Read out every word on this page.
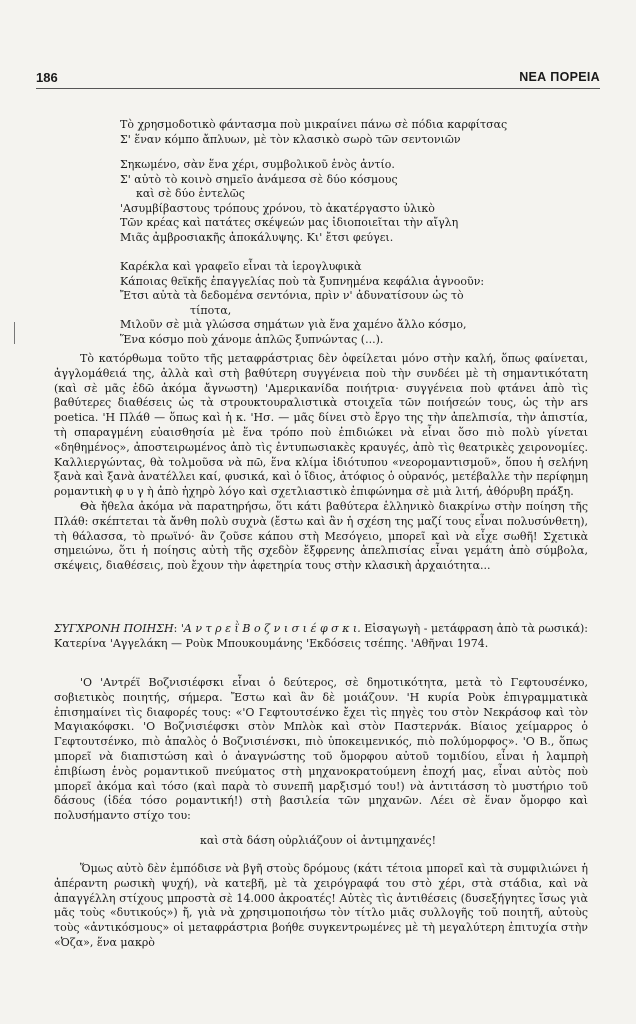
186	ΝΕΑ ΠΟΡΕΙΑ
Τὸ χρησμοδοτικὸ φάντασμα ποὺ μικραίνει πάνω σὲ πόδια καρφίτσας
Σ' ἕναν κόμπο ἄπλυων, μὲ τὸν κλασικὸ σωρὸ τῶν σεντονιῶν
Σηκωμένο, σὰν ἕνα χέρι, συμβολικοῦ ἑνὸς ἀντίο.
Σ' αὐτὸ τὸ κοινὸ σημεῖο ἀνάμεσα σὲ δύο κόσμους
καὶ σὲ δύο ἐντελῶς
'Ασυμβίβαστους τρόπους χρόνου, τὸ ἀκατέργαστο ὑλικὸ
Τῶν κρέας καὶ πατάτες σκέψεών μας ἰδιοποιεῖται τὴν αἴγλη
Μιᾶς ἀμβροσιακῆς ἀποκάλυψης. Κι' ἔτσι φεύγει.
Καρέκλα καὶ γραφεῖο εἶναι τὰ ἱερογλυφικὰ
Κάποιας θεϊκῆς ἐπαγγελίας ποὺ τὰ ξυπνημένα κεφάλια ἀγνοοῦν:
Ἔτσι αὐτὰ τὰ δεδομένα σεντόνια, πρὶν ν' ἀδυνατίσουν ὡς τὸ
τίποτα,
Μιλοῦν σὲ μιὰ γλώσσα σημάτων γιὰ ἕνα χαμένο ἄλλο κόσμο,
Ἕνα κόσμο ποὺ χάνομε ἁπλῶς ξυπνώντας (...).

Τὸ κατόρθωμα τοῦτο τῆς μεταφράστριας δὲν ὀφείλεται μόνο στὴν καλή, ὅπως φαίνεται, ἀγγλομάθειά της, ἀλλὰ καὶ στὴ βαθύτερη συγγένεια ποὺ τὴν συνδέει μὲ τὴ σημαντικότατη (καὶ σὲ μᾶς ἐδῶ ἀκόμα ἄγνωστη) 'Αμερικανίδα ποιήτρια· συγγένεια ποὺ φτάνει ἀπὸ τὶς βαθύτερες διαθέσεις ὡς τὰ στρουκτουραλιστικὰ στοιχεῖα τῶν ποιήσεών τους, ὡς τὴν ars poetica. 'Η Πλάθ — ὅπως καὶ ἡ κ. 'Ησ. — μᾶς δίνει στὸ ἔργο της τὴν ἀπελπισία, τὴν ἀπιστία, τὴ σπαραγμένη εὐαισθησία μὲ ἕνα τρόπο ποὺ ἐπιδιώκει νὰ εἶναι ὅσο πιὸ πολὺ γίνεται «δηθημένος», ἀποστειρωμένος ἀπὸ τὶς ἐντυπωσιακὲς κραυγές, ἀπὸ τὶς θεατρικὲς χειρονομίες. Καλλιεργώντας, θὰ τολμοῦσα νὰ πῶ, ἕνα κλίμα ἰδιότυπου «νεορομαντισμοῦ», ὅπου ἡ σελήνη ξανὰ καὶ ξανὰ ἀνατέλλει καί, φυσικά, καὶ ὁ ἴδιος, ἀτόφιος ὁ οὐρανός, μετέβαλλε τὴν περίφημη ρομαντικὴ φ υ γ ὴ ἀπὸ ἠχηρὸ λόγο καὶ σχετλιαστικὸ ἐπιφώνημα σὲ μιὰ λιτή, ἀθόρυβη πράξη.

Θὰ ἤθελα ἀκόμα νὰ παρατηρήσω, ὅτι κάτι βαθύτερα ἑλληνικὸ διακρίνω στὴν ποίηση τῆς Πλάθ: σκέπτεται τὰ ἄνθη πολὺ συχνὰ (ἔστω καὶ ἂν ἡ σχέση της μαζί τους εἶναι πολυσύνθετη), τὴ θάλασσα, τὸ πρωϊνό· ἂν ζοῦσε κάπου στὴ Μεσόγειο, μπορεῖ καὶ νὰ εἶχε σωθῆ! Σχετικὰ σημειώνω, ὅτι ἡ ποίησις αὐτὴ τῆς σχεδὸν ἔξφρενης ἀπελπισίας εἶναι γεμάτη ἀπὸ σύμβολα, σκέψεις, διαθέσεις, ποὺ ἔχουν τὴν ἀφετηρία τους στὴν κλασικὴ ἀρχαιότητα...

ΣΥΓΧΡΟΝΗ ΠΟΙΗΣΗ: 'Α ν τ ρ ε ῒ Β ο ζ ν ι σ ι έ φ σ κ ι. Εἰσαγωγὴ - μετάφραση ἀπὸ τὰ ρωσικά): Κατερίνα 'Αγγελάκη — Ροὺκ Μπουκουμάνης 'Εκδόσεις τσέπης. 'Αθῆναι 1974.

'Ο 'Αντρέϊ Βοζνισιέφσκι εἶναι ὁ δεύτερος, σὲ δημοτικότητα, μετὰ τὸ Γεφτουσένκο, σοβιετικὸς ποιητής, σήμερα. Ἔστω καὶ ἂν δὲ μοιάζουν. 'Η κυρία Ροὺκ ἐπιγραμματικὰ ἐπισημαίνει τὶς διαφορές τους: «'Ο Γεφτουτσένκο ἔχει τὶς πηγὲς του στὸν Νεκράσοφ καὶ τὸν Μαγιακόφσκι. 'Ο Βοζνισιέφσκι στὸν Μπλὸκ καὶ στὸν Παστερνάκ. Βίαιος χείμαρρος ὁ Γεφτουτσένκο, πιὸ ἁπαλὸς ὁ Βοζνισιένσκι, πιὸ ὑποκειμενικός, πιὸ πολύμορφος». 'Ο Β., ὅπως μπορεῖ νὰ διαπιστώση καὶ ὁ ἀναγνώστης τοῦ ὄμορφου αὐτοῦ τομιδίου, εἶναι ἡ λαμπρὴ ἐπιβίωση ἑνὸς ρομαντικοῦ πνεύματος στὴ μηχανοκρατούμενη ἐποχή μας, εἶναι αὐτὸς ποὺ μπορεῖ ἀκόμα καὶ τόσο (καὶ παρὰ τὸ συνεπῆ μαρξισμό του!) νὰ ἀντιτάσση τὸ μυστήριο τοῦ δάσους (ἰδέα τόσο ρομαντική!) στὴ βασιλεία τῶν μηχανῶν. Λέει σὲ ἕναν ὄμορφο καὶ πολυσήμαντο στίχο του:

καὶ στὰ δάση οὐρλιάζουν οἱ ἀντιμηχανές!

Ὅμως αὐτὸ δὲν ἐμπόδισε νὰ βγῆ στοὺς δρόμους (κάτι τέτοια μπορεῖ καὶ τὰ συμφιλιώνει ἡ ἀπέραντη ρωσικὴ ψυχή), νὰ κατεβῆ, μὲ τὰ χειρόγραφά του στὸ χέρι, στὰ στάδια, καὶ νὰ ἀπαγγέλλη στίχους μπροστὰ σὲ 14.000 ἀκροατές! Αὐτὲς τὶς ἀντιθέσεις (δυσεξήγητες ἴσως γιὰ μᾶς τοὺς «δυτικούς») ἤ, γιὰ νὰ χρησιμοποιήσω τὸν τίτλο μιᾶς συλλογῆς τοῦ ποιητῆ, αὐτοὺς τοὺς «ἀντικόσμους» οἱ μεταφράστρια βοήθε συγκεντρωμένες μὲ τὴ μεγαλύτερη ἐπιτυχία στὴν «Ὀζα», ἕνα μακρὸ
